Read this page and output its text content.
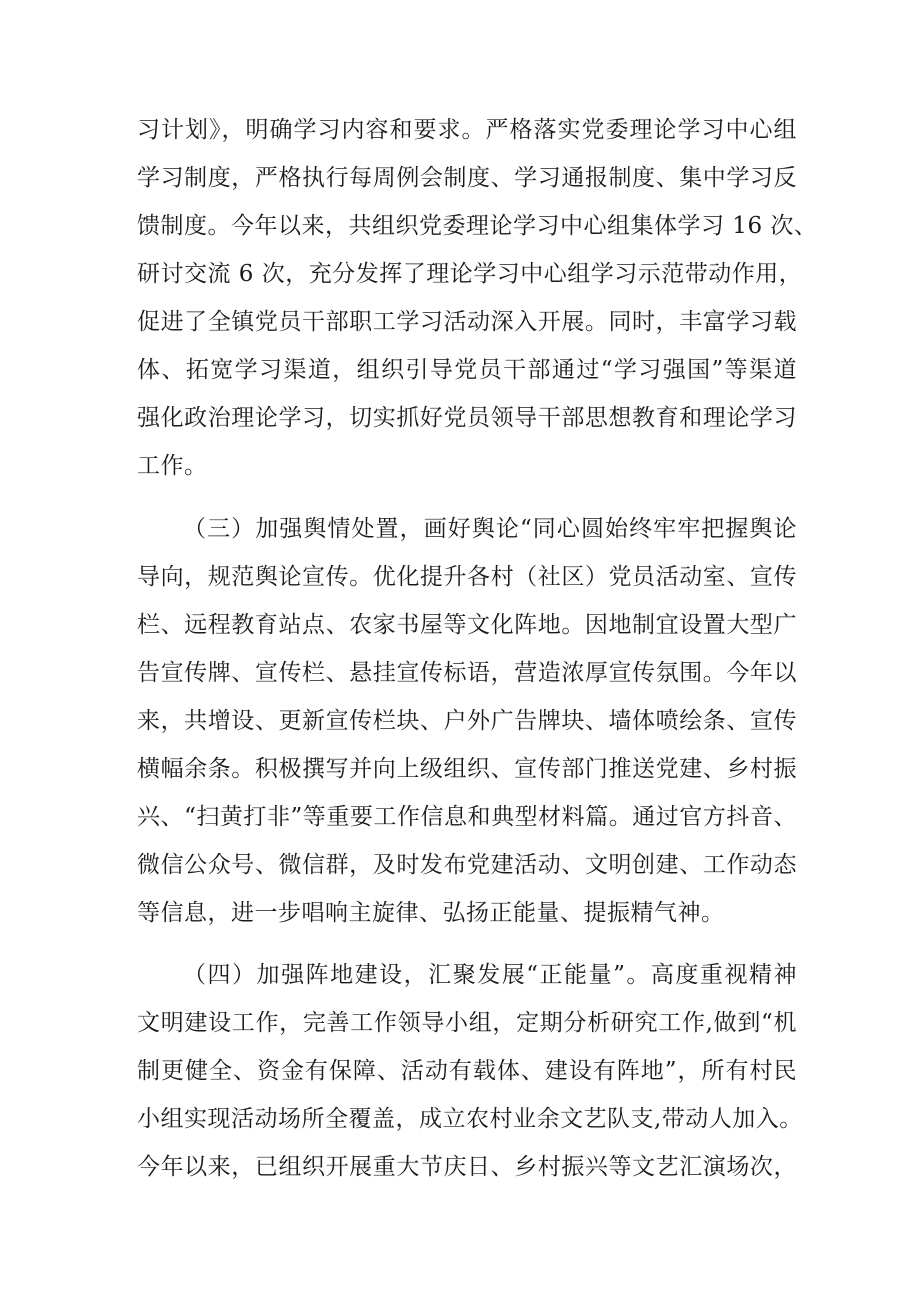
习计划》，明确学习内容和要求。严格落实党委理论学习中心组
学习制度，严格执行每周例会制度、学习通报制度、集中学习反
馈制度。今年以来，共组织党委理论学习中心组集体学习 16 次、
研讨交流 6 次，充分发挥了理论学习中心组学习示范带动作用，
促进了全镇党员干部职工学习活动深入开展。同时，丰富学习载
体、拓宽学习渠道，组织引导党员干部通过“学习强国”等渠道
强化政治理论学习，切实抓好党员领导干部思想教育和理论学习
工作。
（三）加强舆情处置，画好舆论“同心圆始终牢牢把握舆论
导向，规范舆论宣传。优化提升各村（社区）党员活动室、宣传
栏、远程教育站点、农家书屋等文化阵地。因地制宜设置大型广
告宣传牌、宣传栏、悬挂宣传标语，营造浓厚宣传氛围。今年以
来，共增设、更新宣传栏块、户外广告牌块、墙体喷绘条、宣传
横幅余条。积极撰写并向上级组织、宣传部门推送党建、乡村振
兴、“扫黄打非”等重要工作信息和典型材料篇。通过官方抖音、
微信公众号、微信群，及时发布党建活动、文明创建、工作动态
等信息，进一步唱响主旋律、弘扬正能量、提振精气神。
（四）加强阵地建设，汇聚发展“正能量”。高度重视精神
文明建设工作，完善工作领导小组，定期分析研究工作,做到“机
制更健全、资金有保障、活动有载体、建设有阵地”，所有村民
小组实现活动场所全覆盖，成立农村业余文艺队支,带动人加入。
今年以来，已组织开展重大节庆日、乡村振兴等文艺汇演场次，
